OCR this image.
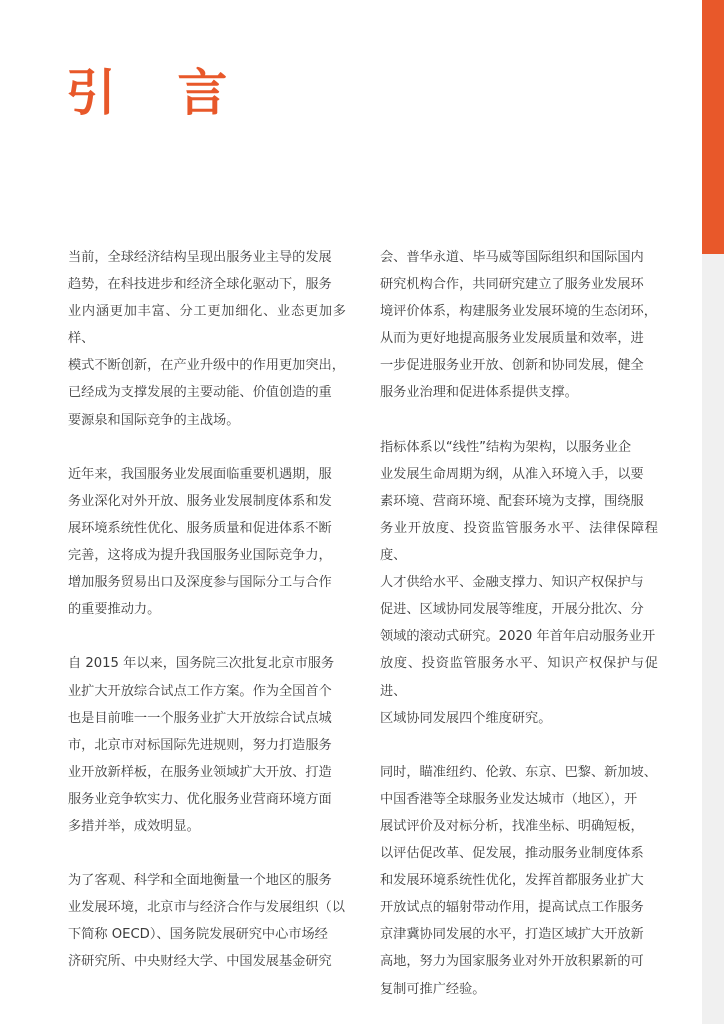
引 言

当前，全球经济结构呈现出服务业主导的发展
趋势，在科技进步和经济全球化驱动下，服务
业内涵更加丰富、分工更加细化、业态更加多样、
模式不断创新，在产业升级中的作用更加突出，
已经成为支撑发展的主要动能、价值创造的重
要源泉和国际竞争的主战场。

近年来，我国服务业发展面临重要机遇期，服
务业深化对外开放、服务业发展制度体系和发
展环境系统性优化、服务质量和促进体系不断
完善，这将成为提升我国服务业国际竞争力，
增加服务贸易出口及深度参与国际分工与合作
的重要推动力。

自 2015 年以来，国务院三次批复北京市服务
业扩大开放综合试点工作方案。作为全国首个
也是目前唯一一个服务业扩大开放综合试点城
市，北京市对标国际先进规则，努力打造服务
业开放新样板，在服务业领域扩大开放、打造
服务业竞争软实力、优化服务业营商环境方面
多措并举，成效明显。

为了客观、科学和全面地衡量一个地区的服务
业发展环境，北京市与经济合作与发展组织（以
下简称 OECD）、国务院发展研究中心市场经
济研究所、中央财经大学、中国发展基金研究

会、普华永道、毕马威等国际组织和国际国内
研究机构合作，共同研究建立了服务业发展环
境评价体系，构建服务业发展环境的生态闭环，
从而为更好地提高服务业发展质量和效率，进
一步促进服务业开放、创新和协同发展，健全
服务业治理和促进体系提供支撑。

指标体系以“线性”结构为架构，以服务业企
业发展生命周期为纲，从准入环境入手，以要
素环境、营商环境、配套环境为支撑，围绕服
务业开放度、投资监管服务水平、法律保障程度、
人才供给水平、金融支撑力、知识产权保护与
促进、区域协同发展等维度，开展分批次、分
领域的滚动式研究。2020 年首年启动服务业开
放度、投资监管服务水平、知识产权保护与促进、
区域协同发展四个维度研究。

同时，瞄准纽约、伦敦、东京、巴黎、新加坡、
中国香港等全球服务业发达城市（地区），开
展试评价及对标分析，找准坐标、明确短板，
以评估促改革、促发展，推动服务业制度体系
和发展环境系统性优化，发挥首都服务业扩大
开放试点的辐射带动作用，提高试点工作服务
京津冀协同发展的水平，打造区域扩大开放新
高地，努力为国家服务业对外开放积累新的可
复制可推广经验。
